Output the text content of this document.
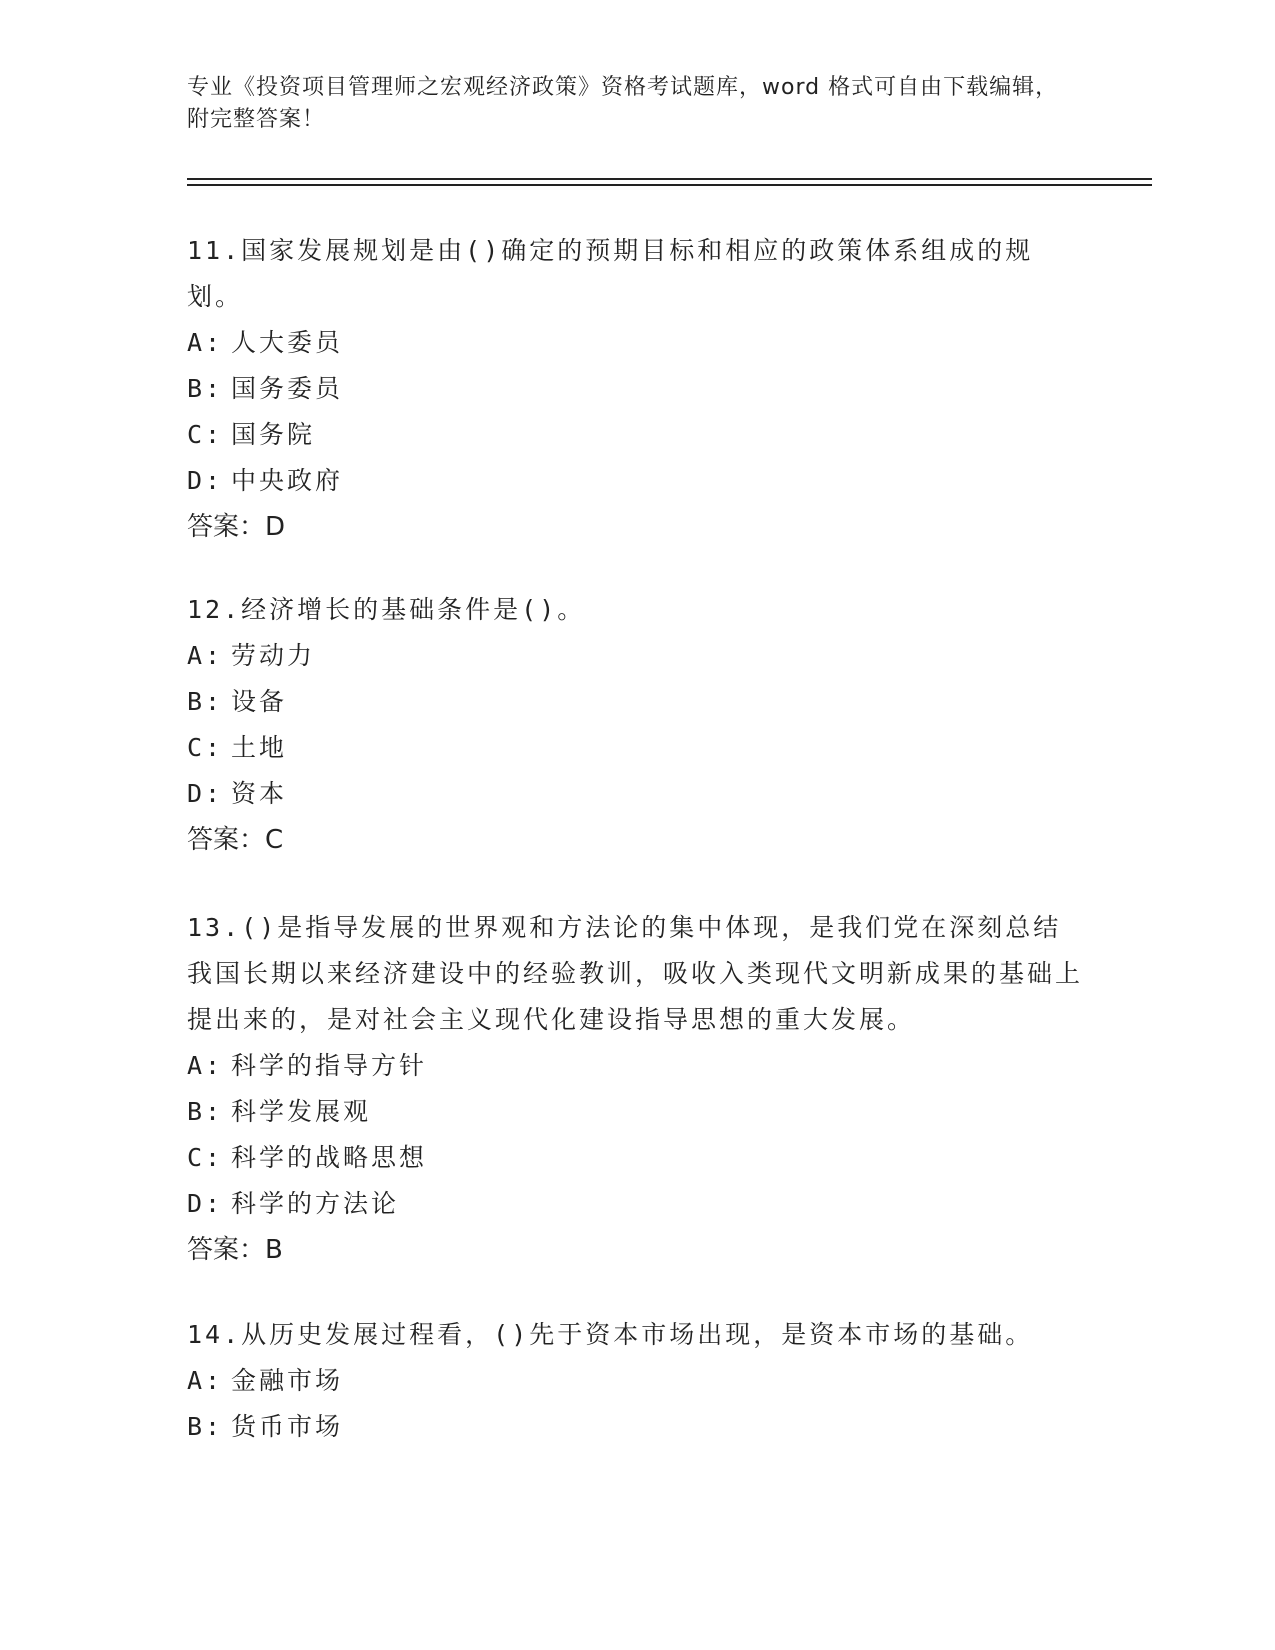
专业《投资项目管理师之宏观经济政策》资格考试题库，word 格式可自由下载编辑，附完整答案！

11.国家发展规划是由()确定的预期目标和相应的政策体系组成的规划。

A: 人大委员

B: 国务委员

C: 国务院

D: 中央政府

答案：D

12.经济增长的基础条件是()。

A: 劳动力

B: 设备

C: 土地

D: 资本

答案：C

13.()是指导发展的世界观和方法论的集中体现，是我们党在深刻总结我国长期以来经济建设中的经验教训，吸收入类现代文明新成果的基础上提出来的，是对社会主义现代化建设指导思想的重大发展。

A: 科学的指导方针

B: 科学发展观

C: 科学的战略思想

D: 科学的方法论

答案：B

14.从历史发展过程看，()先于资本市场出现，是资本市场的基础。

A: 金融市场

B: 货币市场
